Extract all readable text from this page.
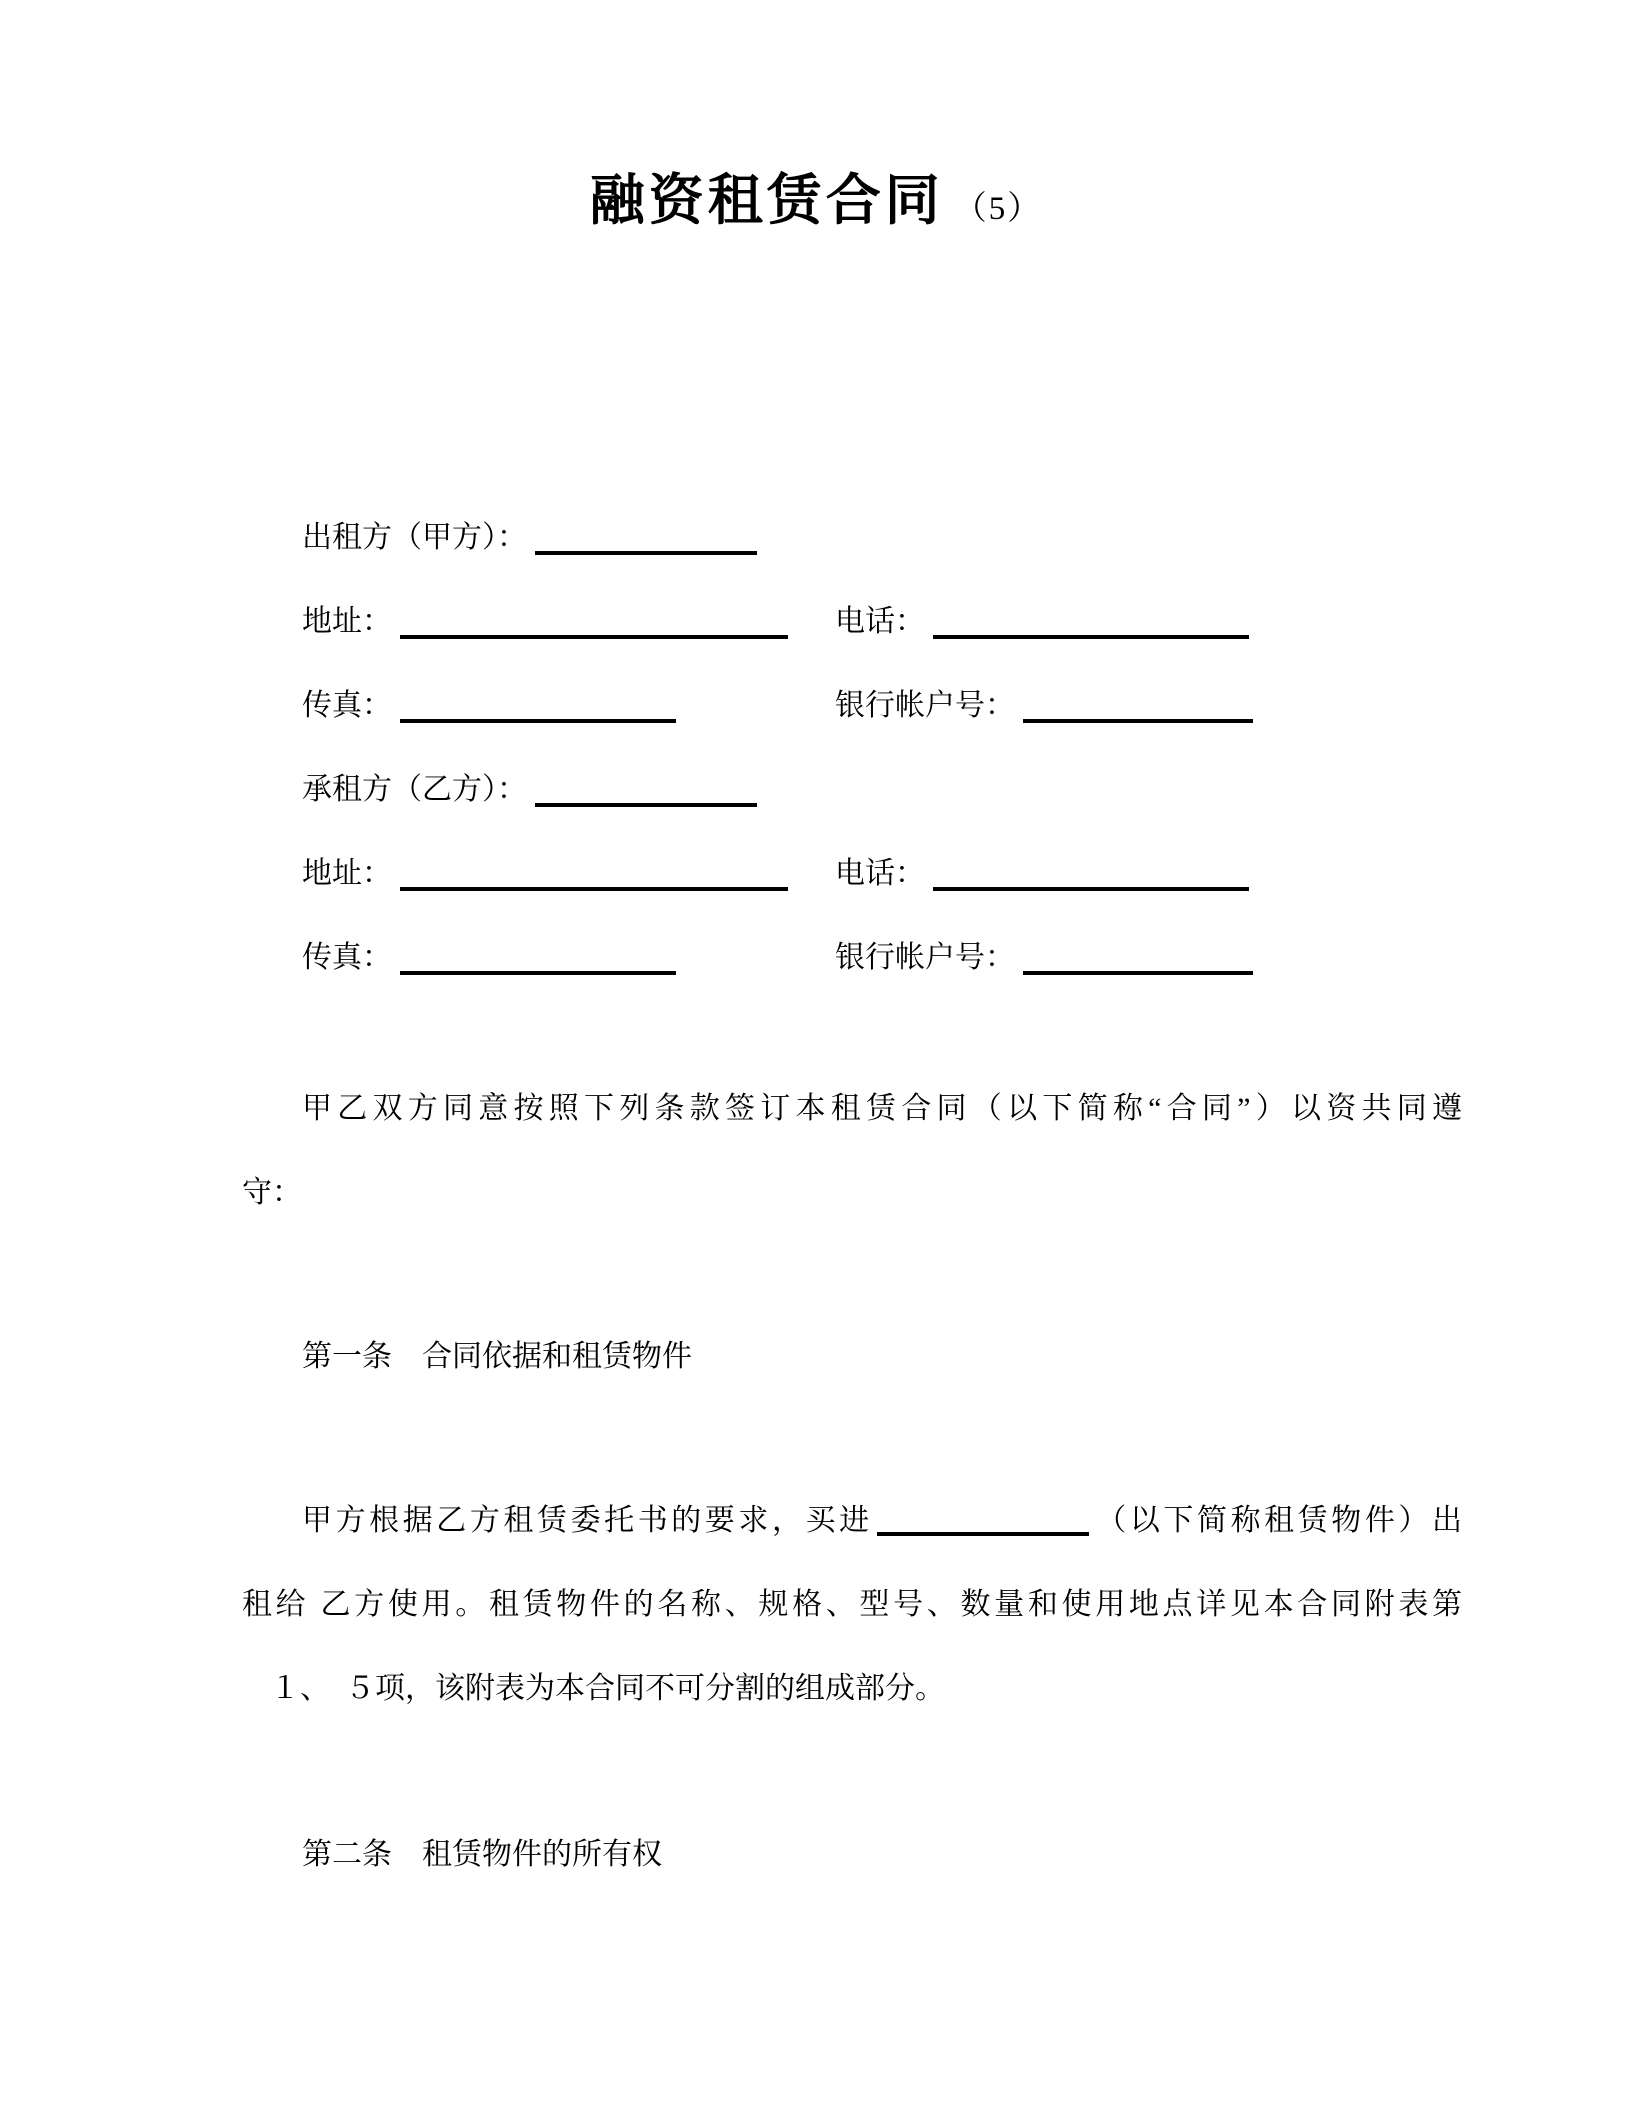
融资租赁合同 （5）
出租方（甲方）：
地址：	电话：
传真：	银行帐户号：
承租方（乙方）：
地址：	电话：
传真：	银行帐户号：
甲乙双方同意按照下列条款签订本租赁合同（以下简称“合同”）以资共同遵
守：
第一条　合同依据和租赁物件
甲方根据乙方租赁委托书的要求，买进	（以下简称租赁物件）出
租给 乙方使用。租赁物件的名称、规格、型号、数量和使用地点详见本合同附表第
１、　５项，该附表为本合同不可分割的组成部分。
第二条　租赁物件的所有权
